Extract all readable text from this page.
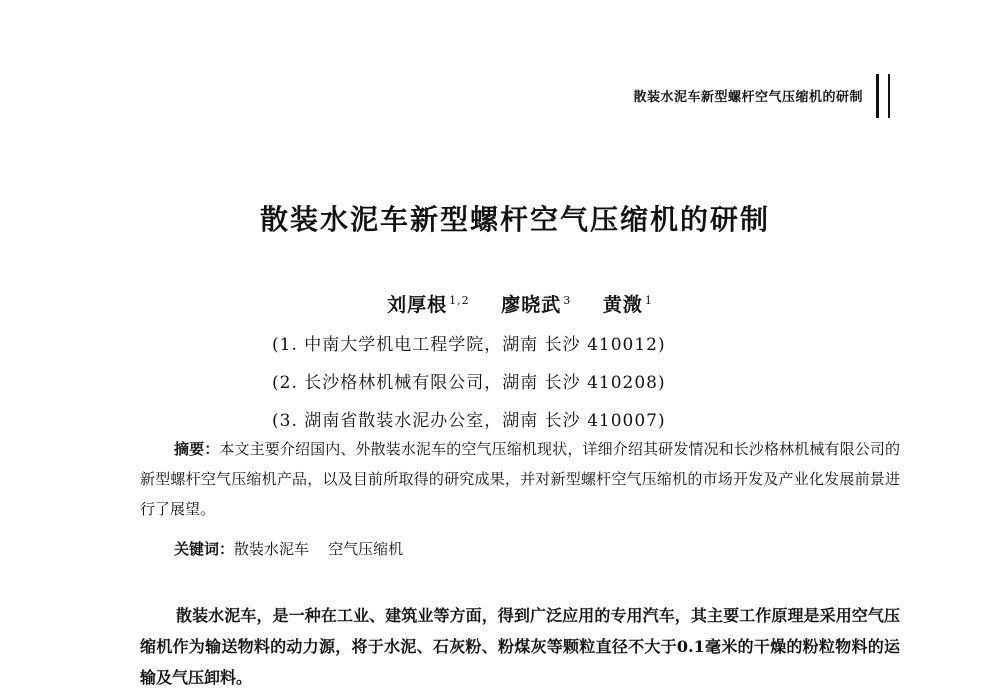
散装水泥车新型螺杆空气压缩机的研制
散装水泥车新型螺杆空气压缩机的研制
刘厚根 $^{1,2}$ 廖晓武 $^3$ 黄溦 $^1$
(1. 中南大学机电工程学院，湖南 长沙 410012)
(2. 长沙格林机械有限公司，湖南 长沙 410208)
(3. 湖南省散装水泥办公室，湖南 长沙 410007)
摘要：本文主要介绍国内、外散装水泥车的空气压缩机现状，详细介绍其研发情况和长沙格林机械有限公司的新型螺杆空气压缩机产品，以及目前所取得的研究成果，并对新型螺杆空气压缩机的市场开发及产业化发展前景进行了展望。
关键词：散装水泥车    空气压缩机
散装水泥车，是一种在工业、建筑业等方面，得到广泛应用的专用汽车，其主要工作原理是采用空气压缩机作为输送物料的动力源，将于水泥、石灰粉、粉煤灰等颗粒直径不大于0.1毫米的干燥的粉粒物料的运输及气压卸料。
